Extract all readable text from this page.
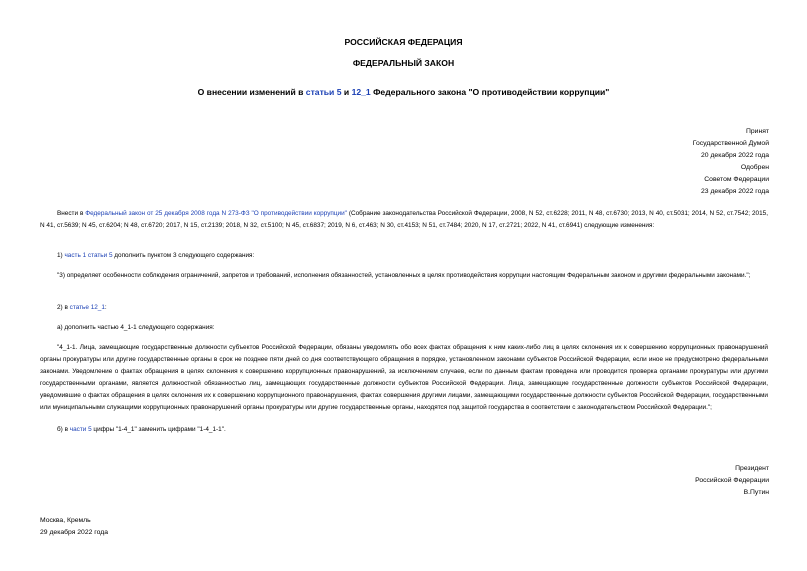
РОССИЙСКАЯ ФЕДЕРАЦИЯ
ФЕДЕРАЛЬНЫЙ ЗАКОН
О внесении изменений в статьи 5 и 12_1 Федерального закона "О противодействии коррупции"
Принят
Государственной Думой
20 декабря 2022 года
Одобрен
Советом Федерации
23 декабря 2022 года
Внести в Федеральный закон от 25 декабря 2008 года N 273-ФЗ "О противодействии коррупции" (Собрание законодательства Российской Федерации, 2008, N 52, ст.6228; 2011, N 48, ст.6730; 2013, N 40, ст.5031; 2014, N 52, ст.7542; 2015, N 41, ст.5639; N 45, ст.6204; N 48, ст.6720; 2017, N 15, ст.2139; 2018, N 32, ст.5100; N 45, ст.6837; 2019, N 6, ст.463; N 30, ст.4153; N 51, ст.7484; 2020, N 17, ст.2721; 2022, N 41, ст.6941) следующие изменения:
1) часть 1 статьи 5 дополнить пунктом 3 следующего содержания:
"3) определяет особенности соблюдения ограничений, запретов и требований, исполнения обязанностей, установленных в целях противодействия коррупции настоящим Федеральным законом и другими федеральными законами.";
2) в статье 12_1:
а) дополнить частью 4_1-1 следующего содержания:
"4_1-1. Лица, замещающие государственные должности субъектов Российской Федерации, обязаны уведомлять обо всех фактах обращения к ним каких-либо лиц в целях склонения их к совершению коррупционных правонарушений органы прокуратуры или другие государственные органы в срок не позднее пяти дней со дня соответствующего обращения в порядке, установленном законами субъектов Российской Федерации, если иное не предусмотрено федеральными законами. Уведомление о фактах обращения в целях склонения к совершению коррупционных правонарушений, за исключением случаев, если по данным фактам проведена или проводится проверка органами прокуратуры или другими государственными органами, является должностной обязанностью лиц, замещающих государственные должности субъектов Российской Федерации. Лица, замещающие государственные должности субъектов Российской Федерации, уведомившие о фактах обращения в целях склонения их к совершению коррупционного правонарушения, фактах совершения другими лицами, замещающими государственные должности субъектов Российской Федерации, государственными или муниципальными служащими коррупционных правонарушений органы прокуратуры или другие государственные органы, находятся под защитой государства в соответствии с законодательством Российской Федерации.";
б) в части 5 цифры "1-4_1" заменить цифрами "1-4_1-1".
Президент
Российской Федерации
В.Путин
Москва, Кремль
29 декабря 2022 года
